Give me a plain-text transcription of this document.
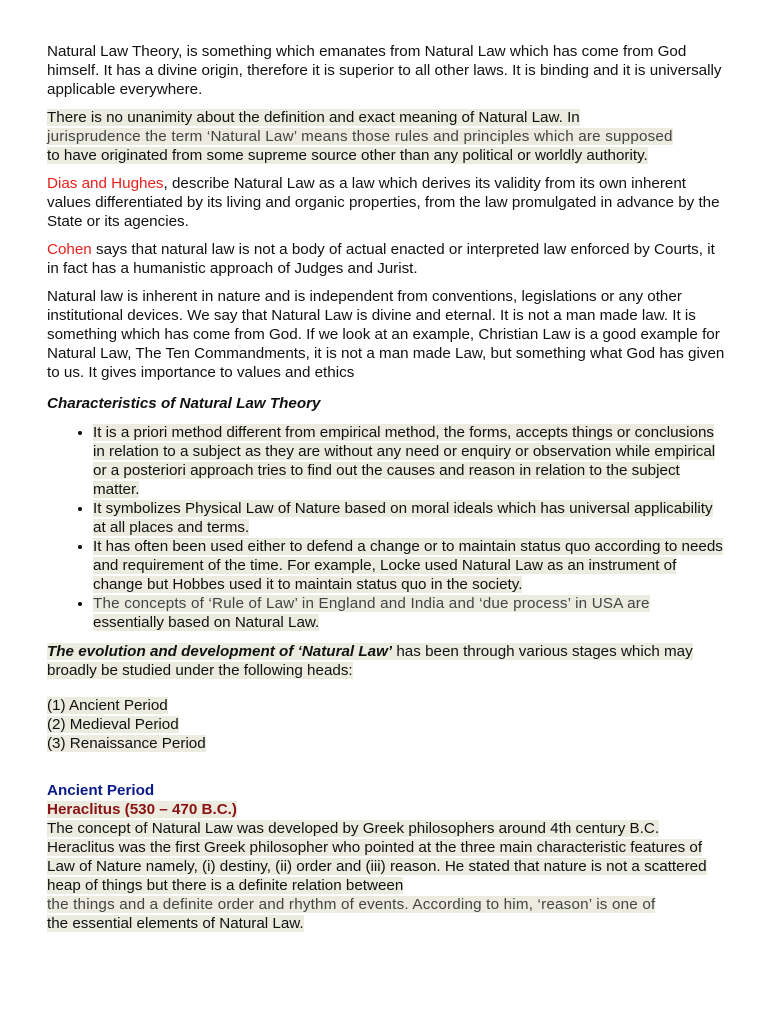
Natural Law Theory, is something which emanates from Natural Law which has come from God himself. It has a divine origin, therefore it is superior to all other laws. It is binding and it is universally applicable everywhere.

There is no unanimity about the definition and exact meaning of Natural Law. In
jurisprudence the term ‘Natural Law’ means those rules and principles which are supposed
to have originated from some supreme source other than any political or worldly authority.

Dias and Hughes, describe Natural Law as a law which derives its validity from its own inherent values differentiated by its living and organic properties, from the law promulgated in advance by the State or its agencies.

Cohen says that natural law is not a body of actual enacted or interpreted law enforced by Courts, it in fact has a humanistic approach of Judges and Jurist.

Natural law is inherent in nature and is independent from conventions, legislations or any other institutional devices. We say that Natural Law is divine and eternal. It is not a man made law. It is something which has come from God. If we look at an example, Christian Law is a good example for Natural Law, The Ten Commandments, it is not a man made Law, but something what God has given to us. It gives importance to values and ethics

Characteristics of Natural Law Theory
• It is a priori method different from empirical method, the forms, accepts things or conclusions in relation to a subject as they are without any need or enquiry or observation while empirical or a posteriori approach tries to find out the causes and reason in relation to the subject matter.
• It symbolizes Physical Law of Nature based on moral ideals which has universal applicability at all places and terms.
• It has often been used either to defend a change or to maintain status quo according to needs and requirement of the time. For example, Locke used Natural Law as an instrument of change but Hobbes used it to maintain status quo in the society.
• The concepts of ‘Rule of Law’ in England and India and ‘due process’ in USA are
essentially based on Natural Law.

The evolution and development of ‘Natural Law’ has been through various stages which may broadly be studied under the following heads:

(1) Ancient Period
(2) Medieval Period
(3) Renaissance Period
Ancient Period
Heraclitus (530 – 470 B.C.)

The concept of Natural Law was developed by Greek philosophers around 4th century B.C. Heraclitus was the first Greek philosopher who pointed at the three main characteristic features of Law of Nature namely, (i) destiny, (ii) order and (iii) reason. He stated that nature is not a scattered heap of things but there is a definite relation between
the things and a definite order and rhythm of events. According to him, ‘reason’ is one of
the essential elements of Natural Law.
